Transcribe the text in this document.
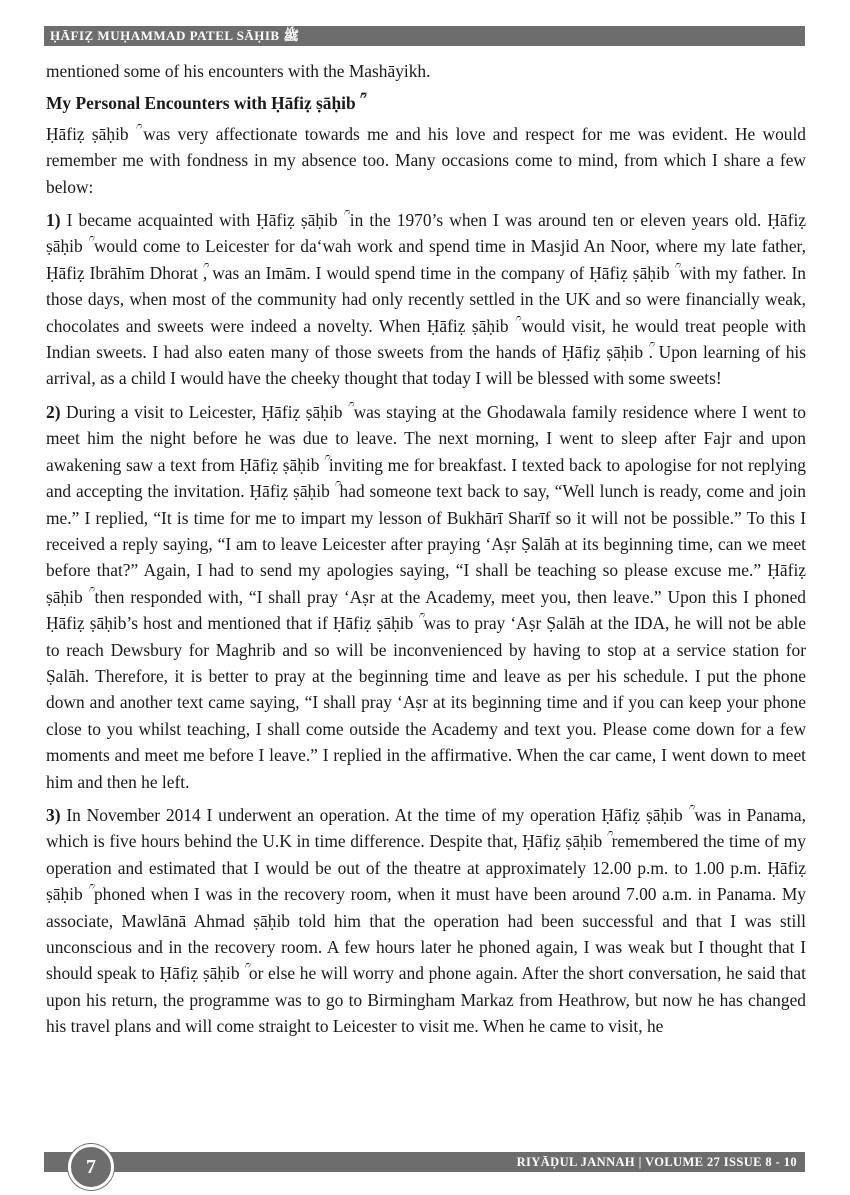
ḤĀFIẒ MUḤAMMAD PATEL SĀḤIB ﷺ

mentioned some of his encounters with the Mashāyikh.

My Personal Encounters with Ḥāfiẓ ṣāḥib ؒ

Ḥāfiẓ ṣāḥib ؒ was very affectionate towards me and his love and respect for me was evident. He would remember me with fondness in my absence too. Many occasions come to mind, from which I share a few below:

1) I became acquainted with Ḥāfiẓ ṣāḥib ؒ in the 1970’s when I was around ten or eleven years old. Ḥāfiẓ ṣāḥib ؒ would come to Leicester for da‘wah work and spend time in Masjid An Noor, where my late father, Ḥāfiẓ Ibrāhīm Dhorat ؒ, was an Imām. I would spend time in the company of Ḥāfiẓ ṣāḥib ؒ with my father. In those days, when most of the community had only recently settled in the UK and so were financially weak, chocolates and sweets were indeed a novelty. When Ḥāfiẓ ṣāḥib ؒ would visit, he would treat people with Indian sweets. I had also eaten many of those sweets from the hands of Ḥāfiẓ ṣāḥib ؒ. Upon learning of his arrival, as a child I would have the cheeky thought that today I will be blessed with some sweets!

2) During a visit to Leicester, Ḥāfiẓ ṣāḥib ؒ was staying at the Ghodawala family residence where I went to meet him the night before he was due to leave. The next morning, I went to sleep after Fajr and upon awakening saw a text from Ḥāfiẓ ṣāḥib ؒ inviting me for breakfast. I texted back to apologise for not replying and accepting the invitation. Ḥāfiẓ ṣāḥib ؒ had someone text back to say, “Well lunch is ready, come and join me.” I replied, “It is time for me to impart my lesson of Bukhārī Sharīf so it will not be possible.” To this I received a reply saying, “I am to leave Leicester after praying ‘Aṣr Ṣalāh at its beginning time, can we meet before that?” Again, I had to send my apologies saying, “I shall be teaching so please excuse me.” Ḥāfiẓ ṣāḥib ؒ then responded with, “I shall pray ‘Aṣr at the Academy, meet you, then leave.” Upon this I phoned Ḥāfiẓ ṣāḥib’s host and mentioned that if Ḥāfiẓ ṣāḥib ؒ was to pray ‘Aṣr Ṣalāh at the IDA, he will not be able to reach Dewsbury for Maghrib and so will be inconvenienced by having to stop at a service station for Ṣalāh. Therefore, it is better to pray at the beginning time and leave as per his schedule. I put the phone down and another text came saying, “I shall pray ‘Aṣr at its beginning time and if you can keep your phone close to you whilst teaching, I shall come outside the Academy and text you. Please come down for a few moments and meet me before I leave.” I replied in the affirmative. When the car came, I went down to meet him and then he left.

3) In November 2014 I underwent an operation. At the time of my operation Ḥāfiẓ ṣāḥib ؒ was in Panama, which is five hours behind the U.K in time difference. Despite that, Ḥāfiẓ ṣāḥib ؒ remembered the time of my operation and estimated that I would be out of the theatre at approximately 12.00 p.m. to 1.00 p.m. Ḥāfiẓ ṣāḥib ؒ phoned when I was in the recovery room, when it must have been around 7.00 a.m. in Panama. My associate, Mawlānā Ahmad ṣāḥib told him that the operation had been successful and that I was still unconscious and in the recovery room. A few hours later he phoned again, I was weak but I thought that I should speak to Ḥāfiẓ ṣāḥib ؒ or else he will worry and phone again. After the short conversation, he said that upon his return, the programme was to go to Birmingham Markaz from Heathrow, but now he has changed his travel plans and will come straight to Leicester to visit me. When he came to visit, he

RIYĀḌUL JANNAH | VOLUME 27 ISSUE 8 - 10
7
